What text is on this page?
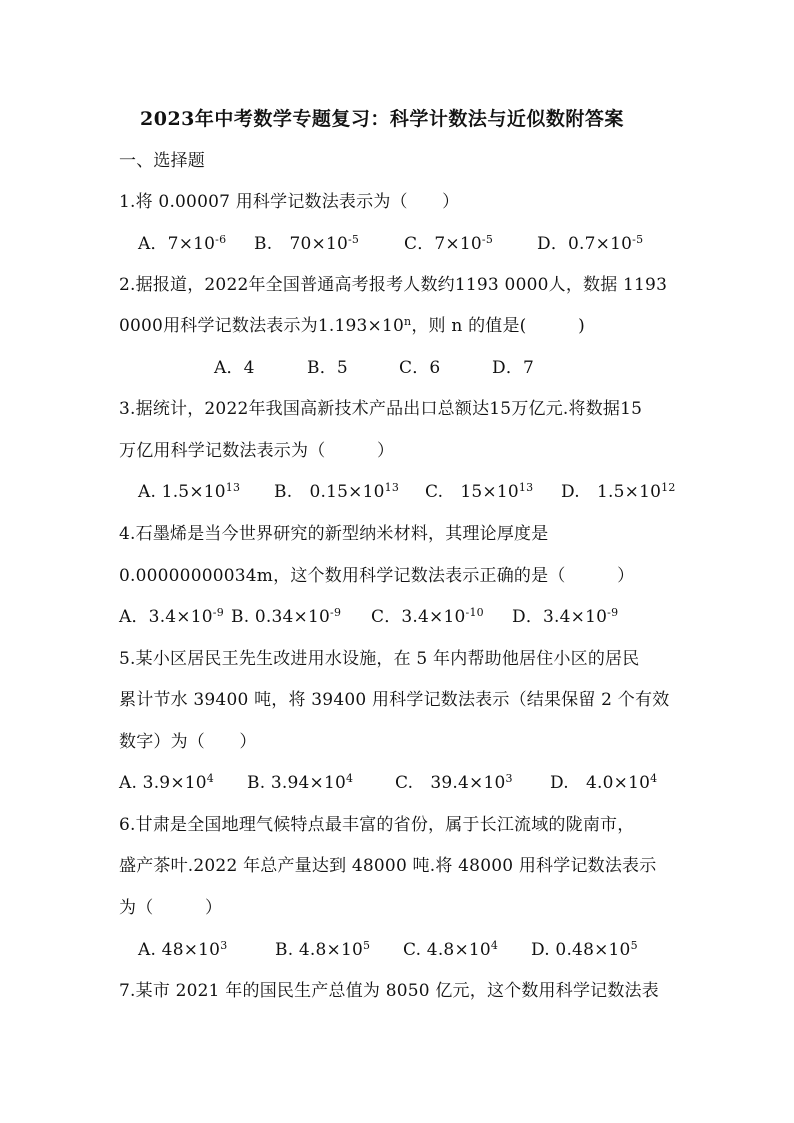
2023年中考数学专题复习：科学计数法与近似数附答案
一、选择题
1.将 0.00007 用科学记数法表示为（　　）
A．$7\times 10^{-6}$	B.　$70\times 10^{-5}$	C．$7\times 10^{-5}$	D．$0.7\times 10^{-5}$
2.据报道，2022年全国普通高考报考人数约1193 0000人，数据 1193
0000用科学记数法表示为$1.193\times 10^n$，则 n 的值是(　　　)
A．4	B．5	C．6	D．7
3.据统计，2022年我国高新技术产品出口总额达15万亿元.将数据15
万亿用科学记数法表示为（　　　）
A. $1.5\times 10^{13}$	B.　$0.15\times 10^{13}$	C.　$15\times 10^{13}$	D.　$1.5\times 10^{12}$
4.石墨烯是当今世界研究的新型纳米材料，其理论厚度是
0.00000000034m，这个数用科学记数法表示正确的是（　　　）
A．$3.4\times 10^{-9}$ B. $0.34\times 10^{-9}$	C．$3.4\times 10^{-10}$	D．$3.4\times 10^{-9}$
5.某小区居民王先生改进用水设施，在 5 年内帮助他居住小区的居民
累计节水 39400 吨，将 39400 用科学记数法表示（结果保留 2 个有效
数字）为（　　）
A. $3.9\times 10^4$	B. $3.94\times 10^4$	C.　$39.4\times 10^3$	D.　$4.0\times 10^4$
6.甘肃是全国地理气候特点最丰富的省份，属于长江流域的陇南市，
盛产茶叶.2022 年总产量达到 48000 吨.将 48000 用科学记数法表示
为（　　　）
A. $48\times 10^3$	B. $4.8\times 10^5$	C. $4.8\times 10^4$	D. $0.48\times 10^5$
7.某市 2021 年的国民生产总值为 8050 亿元，这个数用科学记数法表
